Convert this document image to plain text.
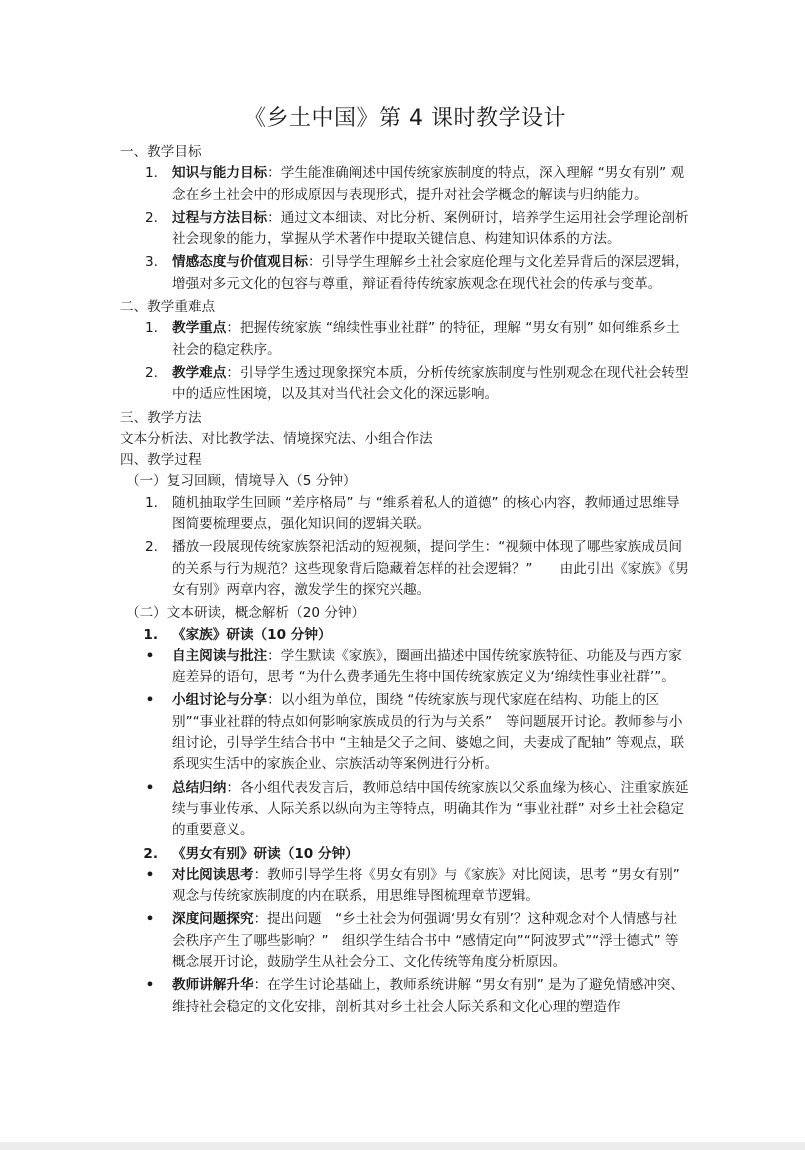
《乡土中国》第 4 课时教学设计

一、教学目标

1.	知识与能力目标：学生能准确阐述中国传统家族制度的特点，深入理解 “男女有别” 观念在乡土社会中的形成原因与表现形式，提升对社会学概念的解读与归纳能力。
2.	过程与方法目标：通过文本细读、对比分析、案例研讨，培养学生运用社会学理论剖析社会现象的能力，掌握从学术著作中提取关键信息、构建知识体系的方法。
3.	情感态度与价值观目标：引导学生理解乡土社会家庭伦理与文化差异背后的深层逻辑，增强对多元文化的包容与尊重，辩证看待传统家族观念在现代社会的传承与变革。

二、教学重难点

1.	教学重点：把握传统家族 “绵续性事业社群” 的特征，理解 “男女有别” 如何维系乡土社会的稳定秩序。
2.	教学难点：引导学生透过现象探究本质，分析传统家族制度与性别观念在现代社会转型中的适应性困境，以及其对当代社会文化的深远影响。

三、教学方法

文本分析法、对比教学法、情境探究法、小组合作法

四、教学过程

（一）复习回顾，情境导入（5 分钟）

1.	随机抽取学生回顾 “差序格局” 与 “维系着私人的道德” 的核心内容，教师通过思维导图简要梳理要点，强化知识间的逻辑关联。
2.	播放一段展现传统家族祭祀活动的短视频，提问学生：“视频中体现了哪些家族成员间的关系与行为规范？这些现象背后隐藏着怎样的社会逻辑？”　　由此引出《家族》《男女有别》两章内容，激发学生的探究兴趣。

（二）文本研读，概念解析（20 分钟）

1.	《家族》研读（10 分钟）
•	自主阅读与批注：学生默读《家族》，圈画出描述中国传统家族特征、功能及与西方家庭差异的语句，思考 “为什么费孝通先生将中国传统家族定义为‘绵续性事业社群’”。
•	小组讨论与分享：以小组为单位，围绕 “传统家族与现代家庭在结构、功能上的区别”“事业社群的特点如何影响家族成员的行为与关系”　等问题展开讨论。教师参与小组讨论，引导学生结合书中 “主轴是父子之间、婆媳之间，夫妻成了配轴” 等观点，联系现实生活中的家族企业、宗族活动等案例进行分析。
•	总结归纳：各小组代表发言后，教师总结中国传统家族以父系血缘为核心、注重家族延续与事业传承、人际关系以纵向为主等特点，明确其作为 “事业社群” 对乡土社会稳定的重要意义。
2.	《男女有别》研读（10 分钟）
•	对比阅读思考：教师引导学生将《男女有别》与《家族》对比阅读，思考 “男女有别” 观念与传统家族制度的内在联系，用思维导图梳理章节逻辑。
•	深度问题探究：提出问题　“乡土社会为何强调‘男女有别’？这种观念对个人情感与社会秩序产生了哪些影响？”　组织学生结合书中 “感情定向”“阿波罗式”“浮士德式” 等概念展开讨论，鼓励学生从社会分工、文化传统等角度分析原因。
•	教师讲解升华：在学生讨论基础上，教师系统讲解 “男女有别” 是为了避免情感冲突、维持社会稳定的文化安排，剖析其对乡土社会人际关系和文化心理的塑造作
